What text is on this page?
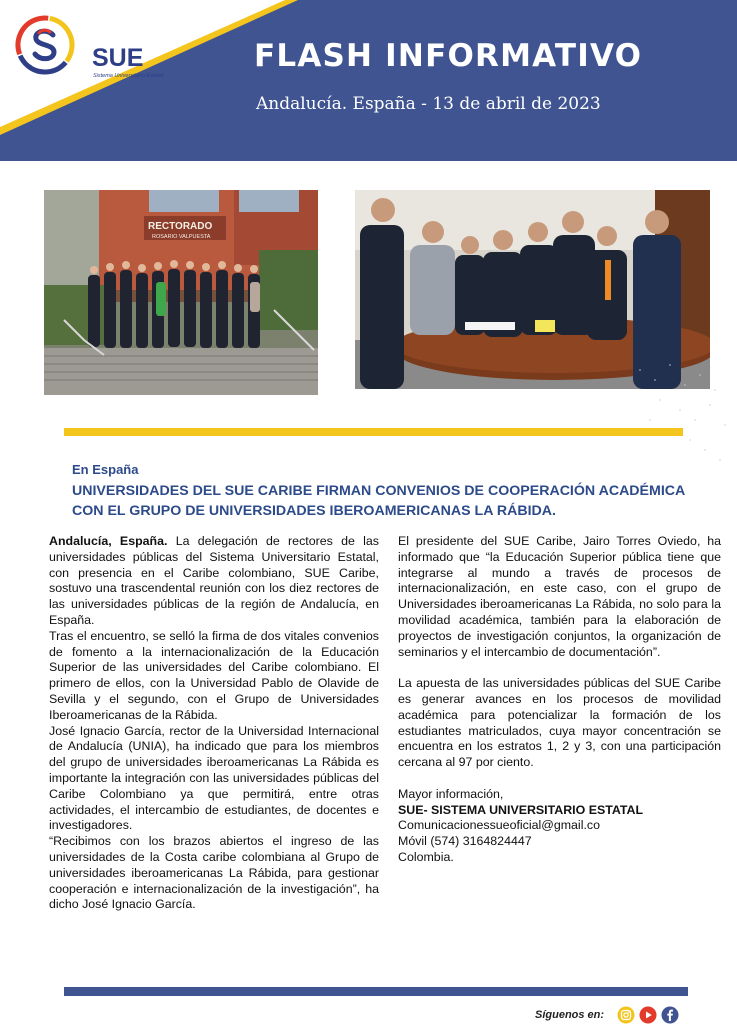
SUE
Sistema Universitario Estatal
FLASH INFORMATIVO
Andalucía. España - 13 de abril de 2023
RECTORADO
ROSARIO VALPUESTA
En España
UNIVERSIDADES DEL SUE CARIBE FIRMAN CONVENIOS DE COOPERACIÓN ACADÉMICA CON EL GRUPO DE UNIVERSIDADES IBEROAMERICANAS LA RÁBIDA.

Andalucía, España. La delegación de rectores de las universidades públicas del Sistema Universitario Estatal, con presencia en el Caribe colombiano, SUE Caribe, sostuvo una trascendental reunión con los diez rectores de las universidades públicas de la región de Andalucía, en España.

Tras el encuentro, se selló la firma de dos vitales convenios de fomento a la internacionalización de la Educación Superior de las universidades del Caribe colombiano. El primero de ellos, con la Universidad Pablo de Olavide de Sevilla y el segundo, con el Grupo de Universidades Iberoamericanas de la Rábida.

José Ignacio García, rector de la Universidad Internacional de Andalucía (UNIA), ha indicado que para los miembros del grupo de universidades iberoamericanas La Rábida es importante la integración con las universidades públicas del Caribe Colombiano ya que permitirá, entre otras actividades, el intercambio de estudiantes, de docentes e investigadores.

“Recibimos con los brazos abiertos el ingreso de las universidades de la Costa caribe colombiana al Grupo de universidades iberoamericanas La Rábida, para gestionar cooperación e internacionalización de la investigación”, ha dicho José Ignacio García.

El presidente del SUE Caribe, Jairo Torres Oviedo, ha informado que “la Educación Superior pública tiene que integrarse al mundo a través de procesos de internacionalización, en este caso, con el grupo de Universidades iberoamericanas La Rábida, no solo para la movilidad académica, también para la elaboración de proyectos de investigación conjuntos, la organización de seminarios y el intercambio de documentación”.

La apuesta de las universidades públicas del SUE Caribe es generar avances en los procesos de movilidad académica para potencializar la formación de los estudiantes matriculados, cuya mayor concentración se encuentra en los estratos 1, 2 y 3, con una participación cercana al 97 por ciento.

Mayor información,

SUE- SISTEMA UNIVERSITARIO ESTATAL

Comunicacionessueoficial@gmail.co

Móvil (574) 3164824447

Colombia.

Síguenos en:
